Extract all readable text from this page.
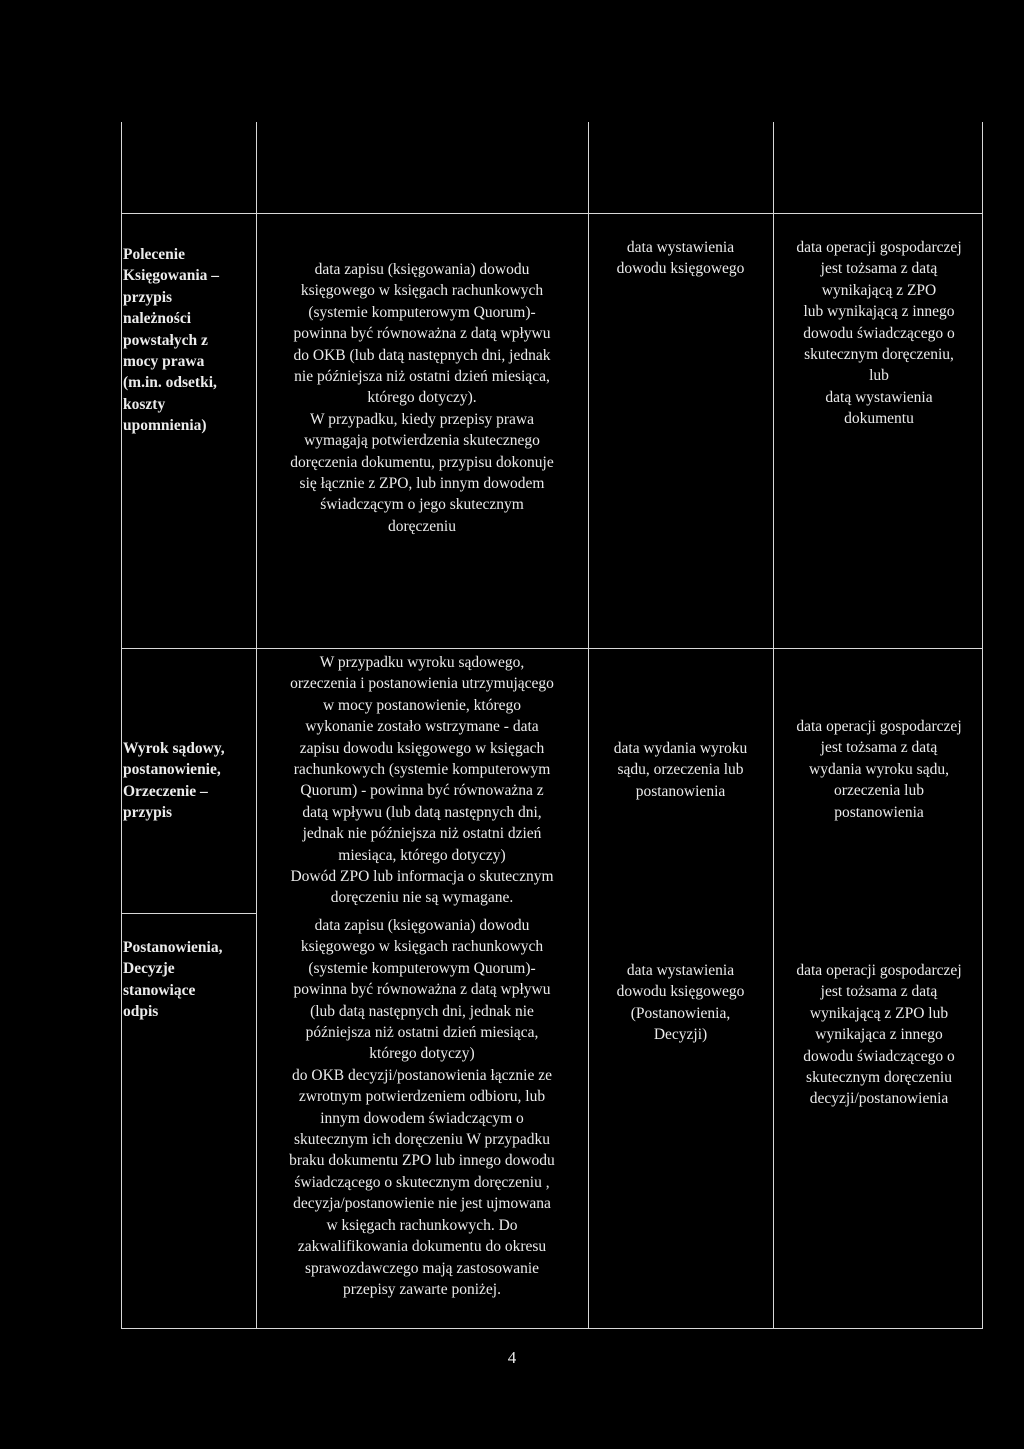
Polecenie
Księgowania –
przypis
należności
powstałych z
mocy prawa
(m.in. odsetki,
koszty
upomnienia)
data zapisu (księgowania) dowodu
księgowego w księgach rachunkowych
(systemie komputerowym Quorum)-
powinna być równoważna z datą wpływu
do OKB (lub datą następnych dni, jednak
nie późniejsza niż ostatni dzień miesiąca,
którego dotyczy).
W przypadku, kiedy przepisy prawa
wymagają potwierdzenia skutecznego
doręczenia dokumentu, przypisu dokonuje
się łącznie z ZPO, lub innym dowodem
świadczącym o jego skutecznym
doręczeniu
data wystawienia
dowodu księgowego
data operacji gospodarczej
jest tożsama z datą
wynikającą z ZPO
lub wynikającą z innego
dowodu świadczącego o
skutecznym doręczeniu,
lub
datą wystawienia
dokumentu
Wyrok sądowy,
postanowienie,
Orzeczenie –
przypis
W przypadku wyroku sądowego,
orzeczenia i postanowienia utrzymującego
w mocy postanowienie, którego
wykonanie zostało wstrzymane - data
zapisu dowodu księgowego w księgach
rachunkowych (systemie komputerowym
Quorum) - powinna być równoważna z
datą wpływu (lub datą następnych dni,
jednak nie późniejsza niż ostatni dzień
miesiąca, którego dotyczy)
Dowód ZPO lub informacja o skutecznym
doręczeniu nie są wymagane.
data wydania wyroku
sądu, orzeczenia lub
postanowienia
data operacji gospodarczej
jest tożsama z datą
wydania wyroku sądu,
orzeczenia lub
postanowienia
Postanowienia,
Decyzje
stanowiące
odpis
data zapisu (księgowania) dowodu
księgowego w księgach rachunkowych
(systemie komputerowym Quorum)-
powinna być równoważna z datą wpływu
(lub datą następnych dni, jednak nie
późniejsza niż ostatni dzień miesiąca,
którego dotyczy)
do OKB decyzji/postanowienia łącznie ze
zwrotnym potwierdzeniem odbioru, lub
innym dowodem świadczącym o
skutecznym ich doręczeniu W przypadku
braku dokumentu ZPO lub innego dowodu
świadczącego o skutecznym doręczeniu ,
decyzja/postanowienie nie jest ujmowana
w księgach rachunkowych. Do
zakwalifikowania dokumentu do okresu
sprawozdawczego mają zastosowanie
przepisy zawarte poniżej.
data wystawienia
dowodu księgowego
(Postanowienia,
Decyzji)
data operacji gospodarczej
jest tożsama z datą
wynikającą z ZPO lub
wynikająca z innego
dowodu świadczącego o
skutecznym doręczeniu
decyzji/postanowienia
4
